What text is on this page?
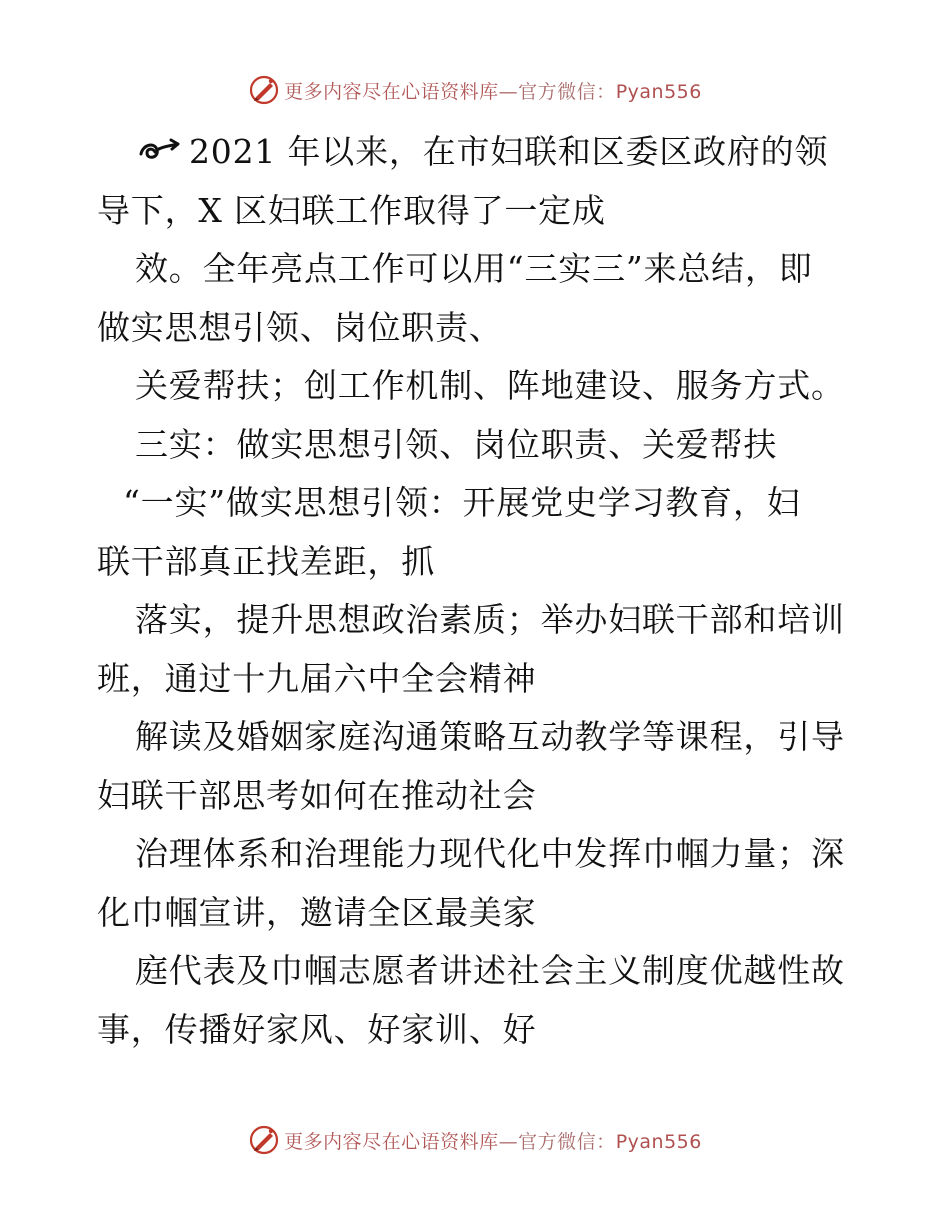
更多内容尽在心语资料库—官方微信：Pyan556
2021 年以来，在市妇联和区委区政府的领
导下，X 区妇联工作取得了一定成
效。全年亮点工作可以用“三实三”来总结，即
做实思想引领、岗位职责、
关爱帮扶；创工作机制、阵地建设、服务方式。
三实：做实思想引领、岗位职责、关爱帮扶
“一实”做实思想引领：开展党史学习教育，妇
联干部真正找差距，抓
落实，提升思想政治素质；举办妇联干部和培训
班，通过十九届六中全会精神
解读及婚姻家庭沟通策略互动教学等课程，引导
妇联干部思考如何在推动社会
治理体系和治理能力现代化中发挥巾帼力量；深
化巾帼宣讲，邀请全区最美家
庭代表及巾帼志愿者讲述社会主义制度优越性故
事，传播好家风、好家训、好
更多内容尽在心语资料库—官方微信：Pyan556
